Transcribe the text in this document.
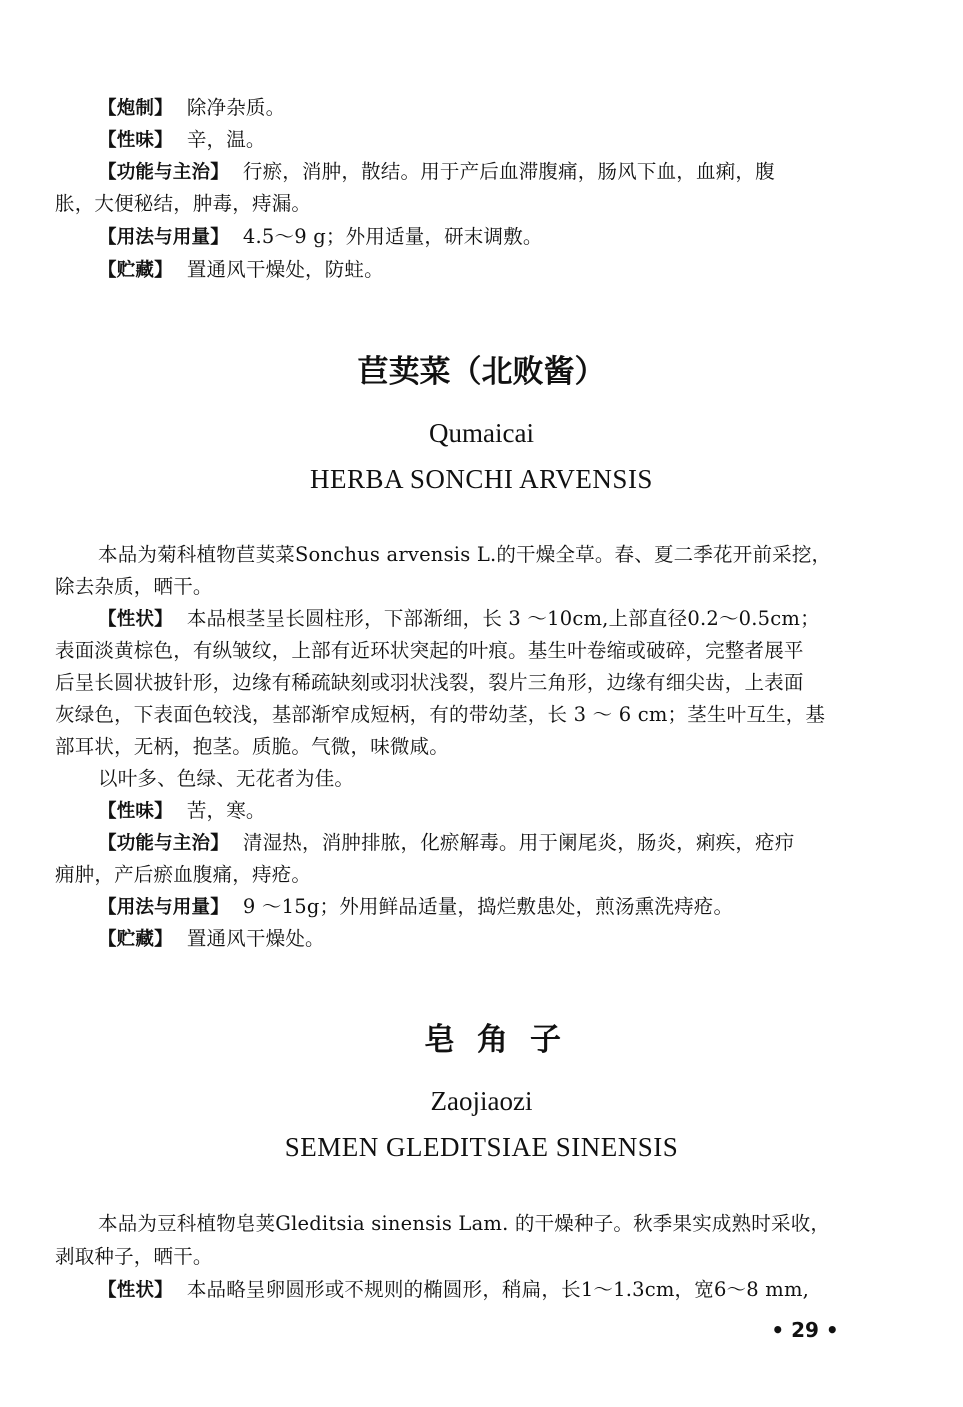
【炮制】 除净杂质。
【性味】 辛，温。
【功能与主治】 行瘀，消肿，散结。用于产后血滞腹痛，肠风下血，血痢，腹
胀，大便秘结，肿毒，痔漏。
【用法与用量】 4.5～9 g；外用适量，研末调敷。
【贮藏】 置通风干燥处，防蛀。
苣荬菜（北败酱）
Qumaicai
HERBA SONCHI ARVENSIS
本品为菊科植物苣荬菜Sonchus arvensis L.的干燥全草。春、夏二季花开前采挖，
除去杂质，晒干。
【性状】 本品根茎呈长圆柱形，下部渐细，长 3 ～10cm,上部直径0.2～0.5cm；
表面淡黄棕色，有纵皱纹，上部有近环状突起的叶痕。基生叶卷缩或破碎，完整者展平
后呈长圆状披针形，边缘有稀疏缺刻或羽状浅裂，裂片三角形，边缘有细尖齿，上表面
灰绿色，下表面色较浅，基部渐窄成短柄，有的带幼茎，长 3 ～ 6 cm；茎生叶互生，基
部耳状，无柄，抱茎。质脆。气微，味微咸。
以叶多、色绿、无花者为佳。
【性味】 苦，寒。
【功能与主治】 清湿热，消肿排脓，化瘀解毒。用于阑尾炎，肠炎，痢疾，疮疖
痈肿，产后瘀血腹痛，痔疮。
【用法与用量】 9 ～15g；外用鲜品适量，捣烂敷患处，煎汤熏洗痔疮。
【贮藏】 置通风干燥处。
皂角子
Zaojiaozi
SEMEN GLEDITSIAE SINENSIS
本品为豆科植物皂荚Gleditsia sinensis Lam. 的干燥种子。秋季果实成熟时采收，
剥取种子，晒干。
【性状】 本品略呈卵圆形或不规则的椭圆形，稍扁，长1～1.3cm，宽6～8 mm,
• 29 •
